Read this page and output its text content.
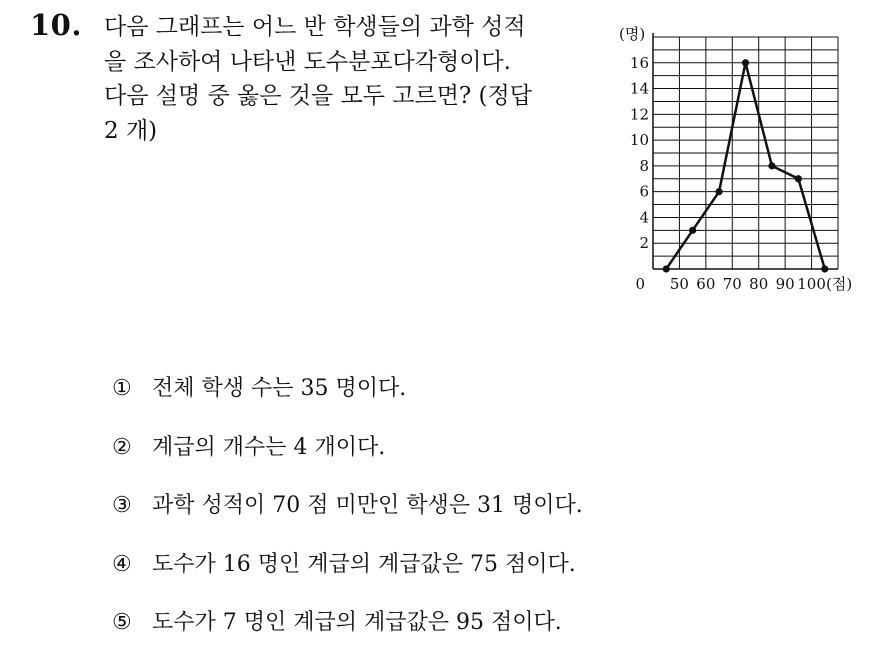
10. 다음 그래프는 어느 반 학생들의 과학 성적
을 조사하여 나타낸 도수분포다각형이다.
다음 설명 중 옳은 것을 모두 고르면? (정답
2 개)
2
4
6
8
10
12
14
16
50 60 70 80 90 100
0
(명)
(점)
① 전체 학생 수는 35 명이다.
② 계급의 개수는 4 개이다.
③ 과학 성적이 70 점 미만인 학생은 31 명이다.
④ 도수가 16 명인 계급의 계급값은 75 점이다.
⑤ 도수가 7 명인 계급의 계급값은 95 점이다.
